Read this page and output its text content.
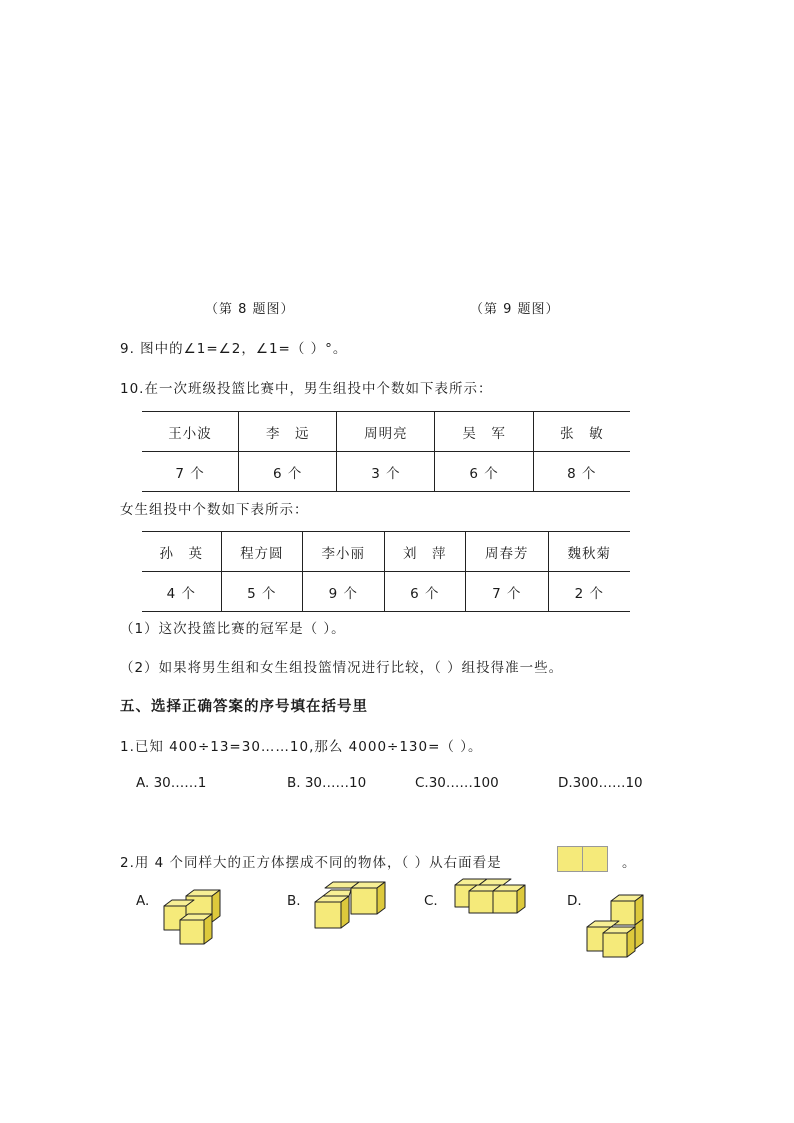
（第 8 题图）	（第 9 题图）
9. 图中的∠1=∠2，∠1=（ ）°。
10.在一次班级投篮比赛中，男生组投中个数如下表所示：
王小波	李　远	周明亮	吴　军	张　敏
7 个	6 个	3 个	6 个	8 个
女生组投中个数如下表所示：
孙　英	程方圆	李小丽	刘　萍	周春芳	魏秋菊
4 个	5 个	9 个	6 个	7 个	2 个
（1）这次投篮比赛的冠军是（ ）。
（2）如果将男生组和女生组投篮情况进行比较，（ ）组投得准一些。
五、选择正确答案的序号填在括号里
1.已知 400÷13=30……10,那么 4000÷130=（ ）。
A. 30……1	B. 30……10	C.30……100	D.300……10
2.用 4 个同样大的正方体摆成不同的物体，（ ）从右面看是	。
A.	B.	C.	D.
